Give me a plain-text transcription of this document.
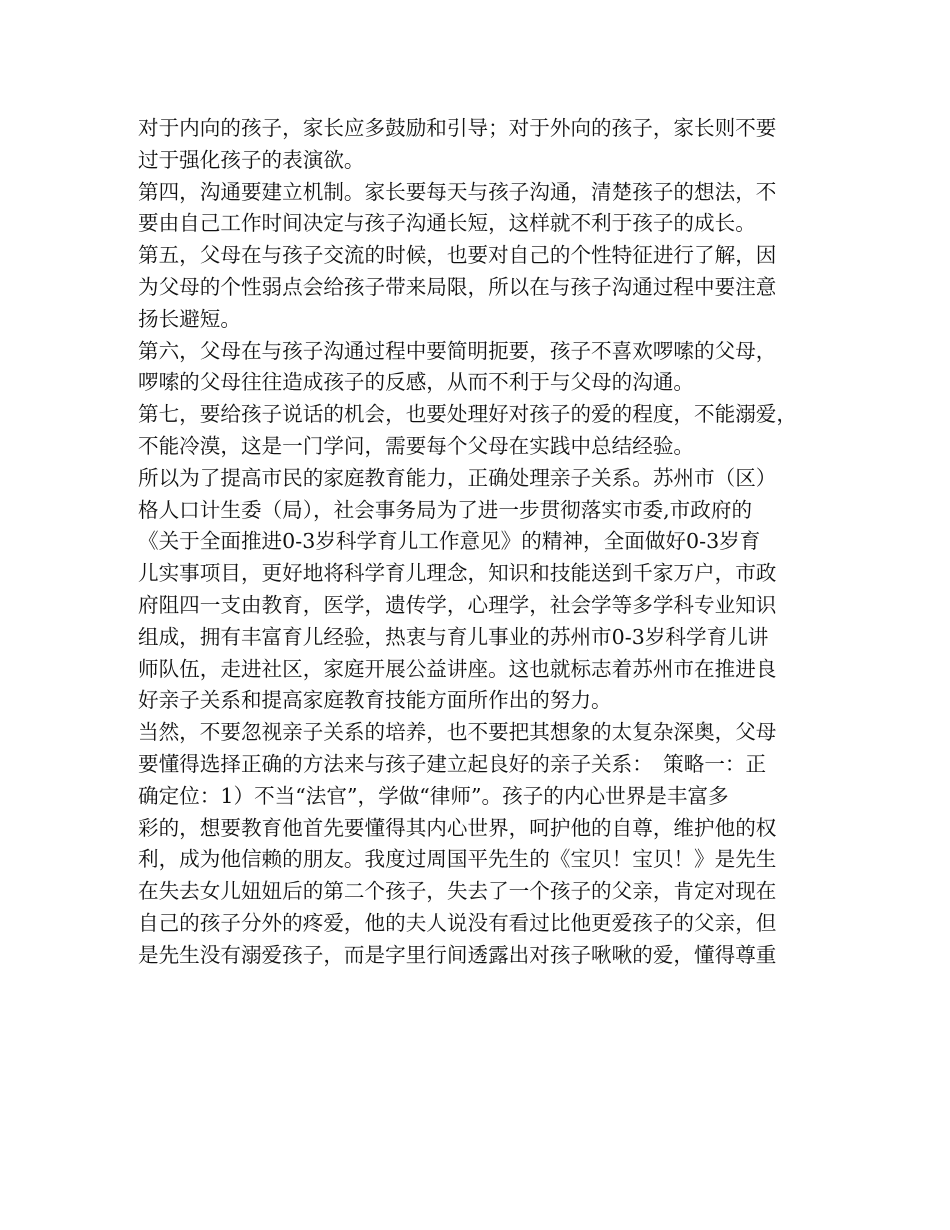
对于内向的孩子，家长应多鼓励和引导；对于外向的孩子，家长则不要
过于强化孩子的表演欲。
第四，沟通要建立机制。家长要每天与孩子沟通，清楚孩子的想法，不
要由自己工作时间决定与孩子沟通长短，这样就不利于孩子的成长。
第五，父母在与孩子交流的时候，也要对自己的个性特征进行了解，因
为父母的个性弱点会给孩子带来局限，所以在与孩子沟通过程中要注意
扬长避短。
第六，父母在与孩子沟通过程中要简明扼要，孩子不喜欢啰嗦的父母，
啰嗦的父母往往造成孩子的反感，从而不利于与父母的沟通。
第七，要给孩子说话的机会，也要处理好对孩子的爱的程度，不能溺爱，
不能冷漠，这是一门学问，需要每个父母在实践中总结经验。
所以为了提高市民的家庭教育能力，正确处理亲子关系。苏州市（区）
格人口计生委（局），社会事务局为了进一步贯彻落实市委,市政府的
《关于全面推进0-3岁科学育儿工作意见》的精神，全面做好0-3岁育
儿实事项目，更好地将科学育儿理念，知识和技能送到千家万户，市政
府阻四一支由教育，医学，遗传学，心理学，社会学等多学科专业知识
组成，拥有丰富育儿经验，热衷与育儿事业的苏州市0-3岁科学育儿讲
师队伍，走进社区，家庭开展公益讲座。这也就标志着苏州市在推进良
好亲子关系和提高家庭教育技能方面所作出的努力。
当然，不要忽视亲子关系的培养，也不要把其想象的太复杂深奥，父母
要懂得选择正确的方法来与孩子建立起良好的亲子关系：　策略一：正
确定位：1）不当“法官”，学做“律师”。孩子的内心世界是丰富多
彩的，想要教育他首先要懂得其内心世界，呵护他的自尊，维护他的权
利，成为他信赖的朋友。我度过周国平先生的《宝贝！宝贝！》是先生
在失去女儿妞妞后的第二个孩子，失去了一个孩子的父亲，肯定对现在
自己的孩子分外的疼爱，他的夫人说没有看过比他更爱孩子的父亲，但
是先生没有溺爱孩子，而是字里行间透露出对孩子啾啾的爱，懂得尊重
